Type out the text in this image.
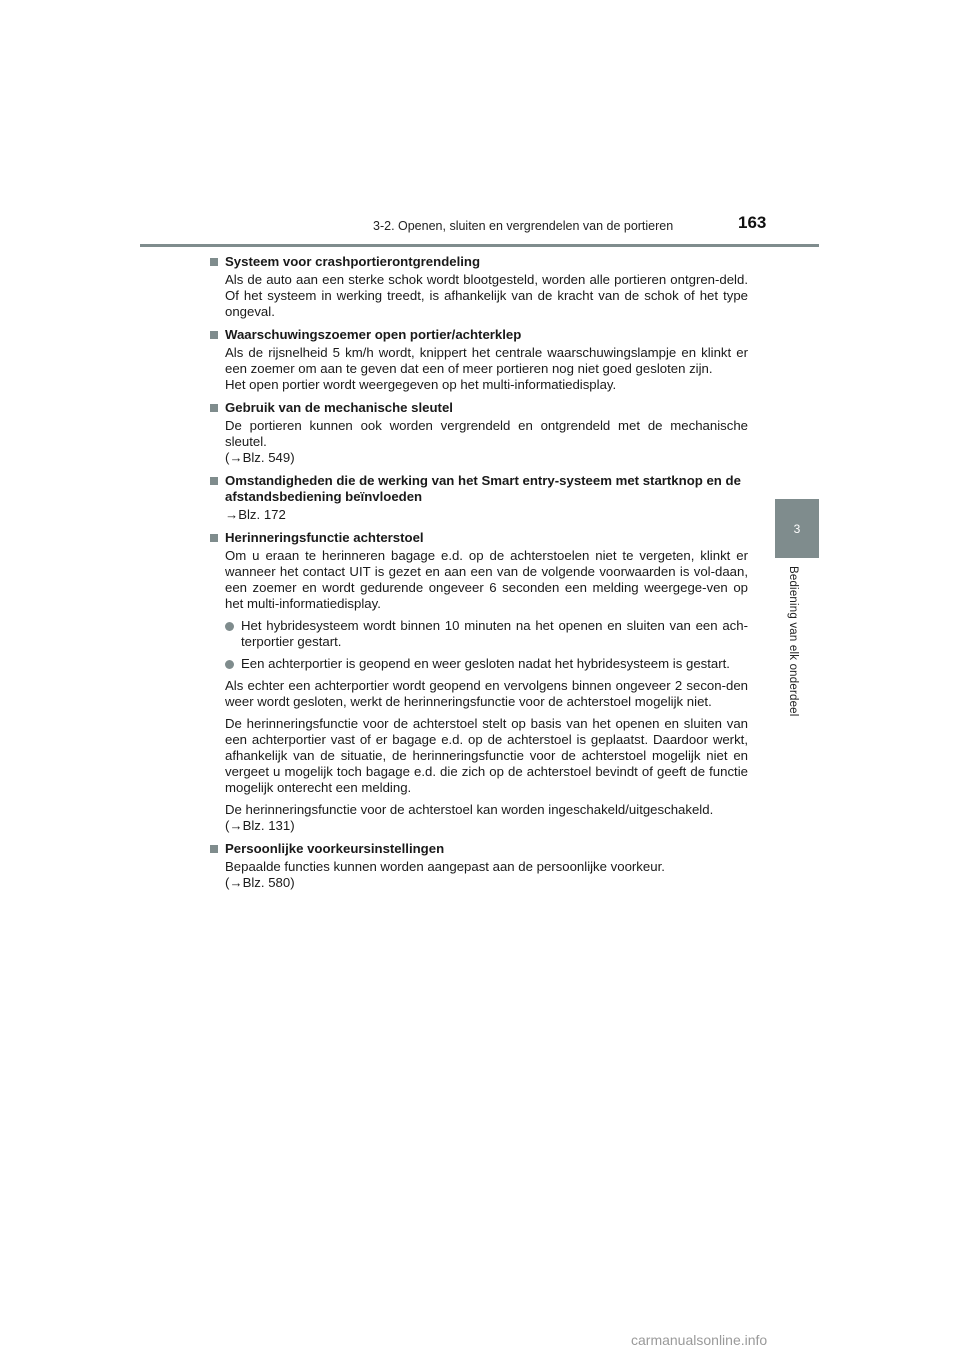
3-2. Openen, sluiten en vergrendelen van de portieren	163
3
Bediening van elk onderdeel
Systeem voor crashportierontgrendeling
Als de auto aan een sterke schok wordt blootgesteld, worden alle portieren ontgren-deld. Of het systeem in werking treedt, is afhankelijk van de kracht van de schok of het type ongeval.
Waarschuwingszoemer open portier/achterklep
Als de rijsnelheid 5 km/h wordt, knippert het centrale waarschuwingslampje en klinkt er een zoemer om aan te geven dat een of meer portieren nog niet goed gesloten zijn.
Het open portier wordt weergegeven op het multi-informatiedisplay.
Gebruik van de mechanische sleutel
De portieren kunnen ook worden vergrendeld en ontgrendeld met de mechanische sleutel.
(→Blz. 549)
Omstandigheden die de werking van het Smart entry-systeem met startknop en de afstandsbediening beïnvloeden
→Blz. 172
Herinneringsfunctie achterstoel
Om u eraan te herinneren bagage e.d. op de achterstoelen niet te vergeten, klinkt er wanneer het contact UIT is gezet en aan een van de volgende voorwaarden is vol-daan, een zoemer en wordt gedurende ongeveer 6 seconden een melding weergege-ven op het multi-informatiedisplay.
Het hybridesysteem wordt binnen 10 minuten na het openen en sluiten van een ach-terportier gestart.
Een achterportier is geopend en weer gesloten nadat het hybridesysteem is gestart.
Als echter een achterportier wordt geopend en vervolgens binnen ongeveer 2 secon-den weer wordt gesloten, werkt de herinneringsfunctie voor de achterstoel mogelijk niet.
De herinneringsfunctie voor de achterstoel stelt op basis van het openen en sluiten van een achterportier vast of er bagage e.d. op de achterstoel is geplaatst. Daardoor werkt, afhankelijk van de situatie, de herinneringsfunctie voor de achterstoel mogelijk niet en vergeet u mogelijk toch bagage e.d. die zich op de achterstoel bevindt of geeft de functie mogelijk onterecht een melding.
De herinneringsfunctie voor de achterstoel kan worden ingeschakeld/uitgeschakeld.
(→Blz. 131)
Persoonlijke voorkeursinstellingen
Bepaalde functies kunnen worden aangepast aan de persoonlijke voorkeur.
(→Blz. 580)
carmanualsonline.info
